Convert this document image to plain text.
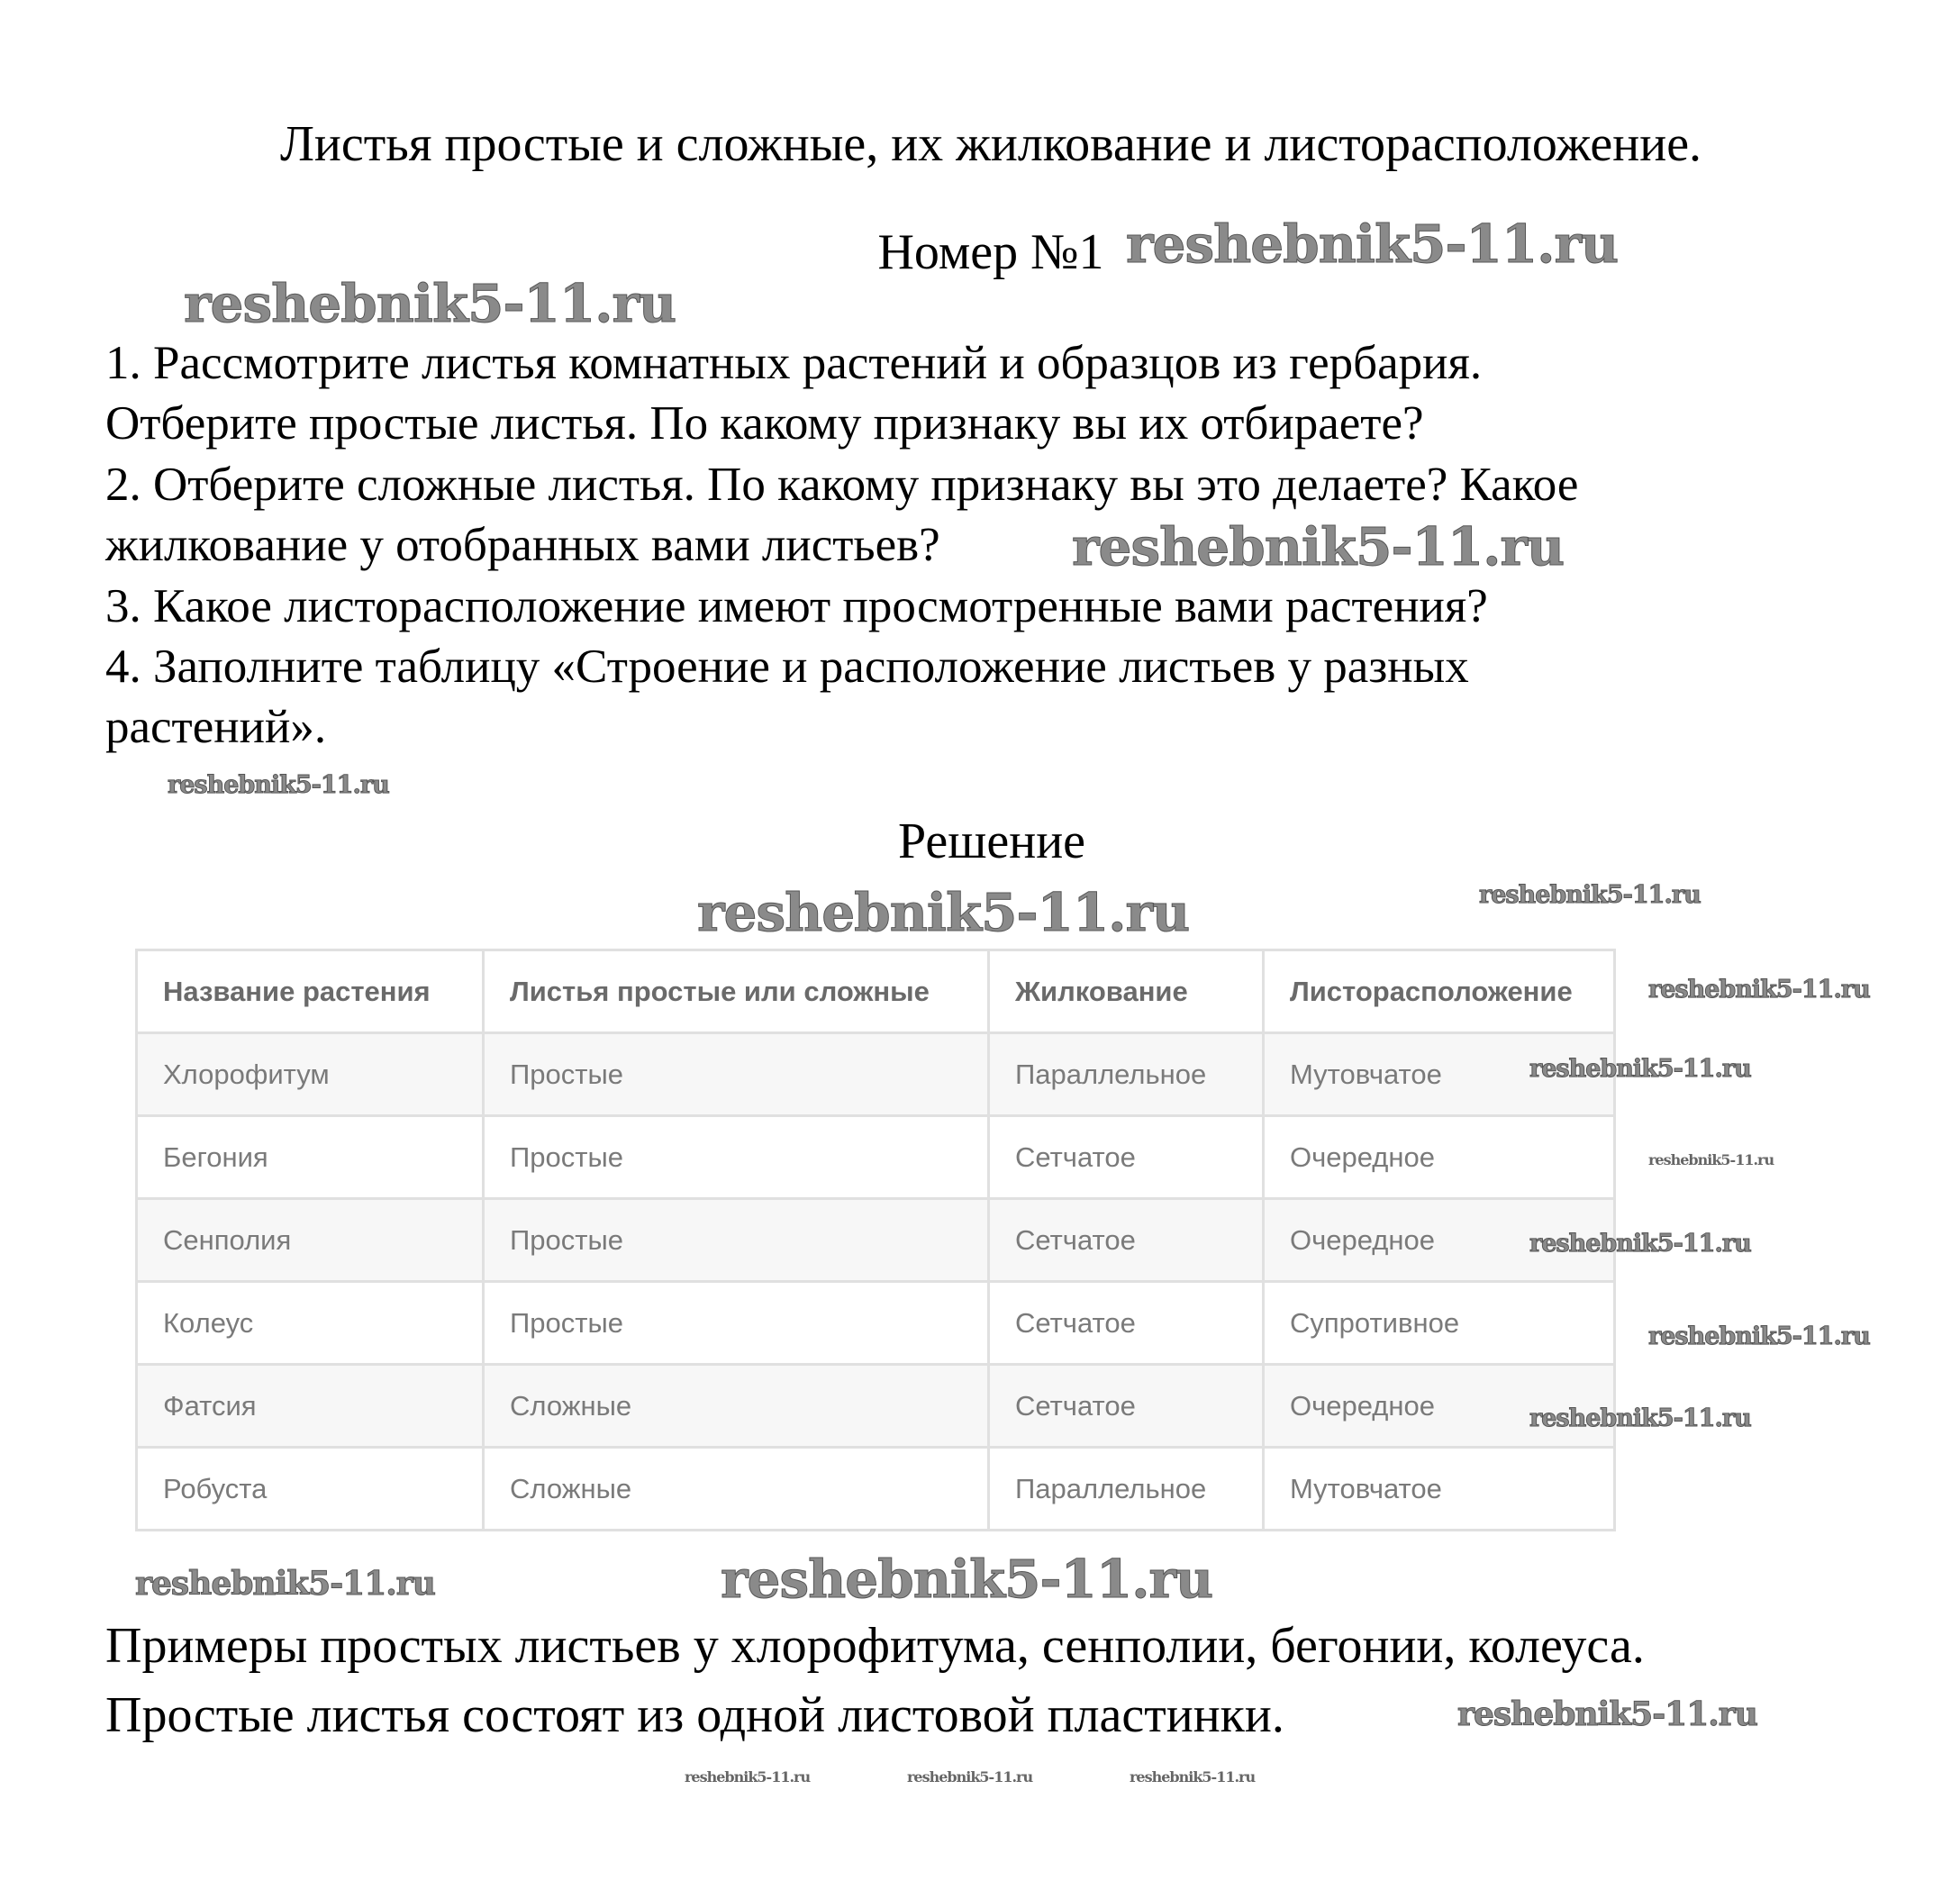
Листья простые и сложные, их жилкование и листорасположение.
Номер №1
1. Рассмотрите листья комнатных растений и образцов из гербария.
Отберите простые листья. По какому признаку вы их отбираете?
2. Отберите сложные листья. По какому признаку вы это делаете? Какое
жилкование у отобранных вами листьев?
3. Какое листорасположение имеют просмотренные вами растения?
4. Заполните таблицу «Строение и расположение листьев у разных
растений».
Решение
Название растения	Листья простые или сложные	Жилкование	Листорасположение
Хлорофитум	Простые	Параллельное	Мутовчатое
Бегония	Простые	Сетчатое	Очередное
Сенполия	Простые	Сетчатое	Очередное
Колеус	Простые	Сетчатое	Супротивное
Фатсия	Сложные	Сетчатое	Очередное
Робуста	Сложные	Параллельное	Мутовчатое
Примеры простых листьев у хлорофитума, сенполии, бегонии, колеуса.
Простые листья состоят из одной листовой пластинки.
reshebnik5-11.ru
reshebnik5-11.ru
reshebnik5-11.ru
reshebnik5-11.ru
reshebnik5-11.ru
reshebnik5-11.ru
reshebnik5-11.ru
reshebnik5-11.ru
reshebnik5-11.ru
reshebnik5-11.ru
reshebnik5-11.ru
reshebnik5-11.ru
reshebnik5-11.ru
reshebnik5-11.ru
reshebnik5-11.ru	reshebnik5-11.ru	reshebnik5-11.ru
reshebnik5-11.ru
